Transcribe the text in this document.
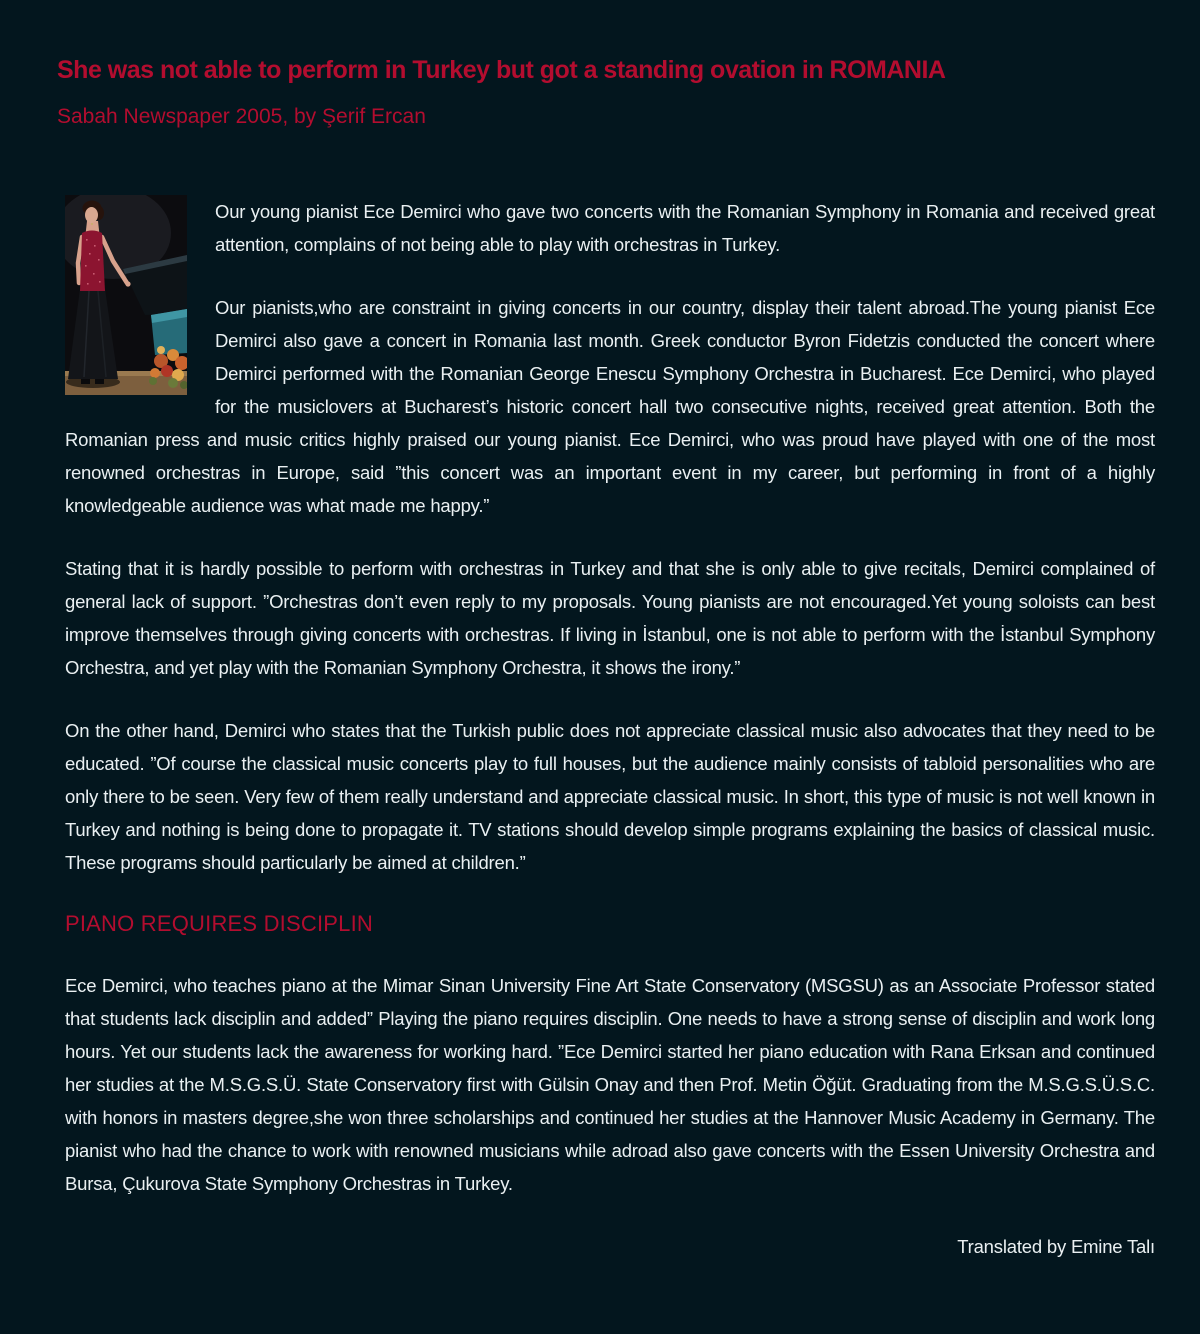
She was not able to perform in Turkey but got a standing ovation in ROMANIA
Sabah Newspaper 2005, by Şerif Ercan

Our young pianist Ece Demirci who gave two concerts with the Romanian Symphony in Romania and received great attention, complains of not being able to play with orchestras in Turkey.

Our pianists,who are constraint in giving concerts in our country, display their talent abroad.The young pianist Ece Demirci also gave a concert in Romania last month. Greek conductor Byron Fidetzis conducted the concert where Demirci performed with the Romanian George Enescu Symphony Orchestra in Bucharest. Ece Demirci, who played for the musiclovers at Bucharest’s historic concert hall two consecutive nights, received great attention. Both the Romanian press and music critics highly praised our young pianist. Ece Demirci, who was proud have played with one of the most renowned orchestras in Europe, said ”this concert was an important event in my career, but performing in front of a highly knowledgeable audience was what made me happy.”

Stating that it is hardly possible to perform with orchestras in Turkey and that she is only able to give recitals, Demirci complained of general lack of support. ”Orchestras don’t even reply to my proposals. Young pianists are not encouraged.Yet young soloists can best improve themselves through giving concerts with orchestras. If living in İstanbul, one is not able to perform with the İstanbul Symphony Orchestra, and yet play with the Romanian Symphony Orchestra, it shows the irony.”

On the other hand, Demirci who states that the Turkish public does not appreciate classical music also advocates that they need to be educated. ”Of course the classical music concerts play to full houses, but the audience mainly consists of tabloid personalities who are only there to be seen. Very few of them really understand and appreciate classical music. In short, this type of music is not well known in Turkey and nothing is being done to propagate it. TV stations should develop simple programs explaining the basics of classical music. These programs should particularly be aimed at children.”

PIANO REQUIRES DISCIPLIN

Ece Demirci, who teaches piano at the Mimar Sinan University Fine Art State Conservatory (MSGSU) as an Associate Professor stated that students lack disciplin and added” Playing the piano requires disciplin. One needs to have a strong sense of disciplin and work long hours. Yet our students lack the awareness for working hard. ”Ece Demirci started her piano education with Rana Erksan and continued her studies at the M.S.G.S.Ü. State Conservatory first with Gülsin Onay and then Prof. Metin Öğüt. Graduating from the M.S.G.S.Ü.S.C. with honors in masters degree,she won three scholarships and continued her studies at the Hannover Music Academy in Germany. The pianist who had the chance to work with renowned musicians while adroad also gave concerts with the Essen University Orchestra and Bursa, Çukurova State Symphony Orchestras in Turkey.

Translated by Emine Talı
